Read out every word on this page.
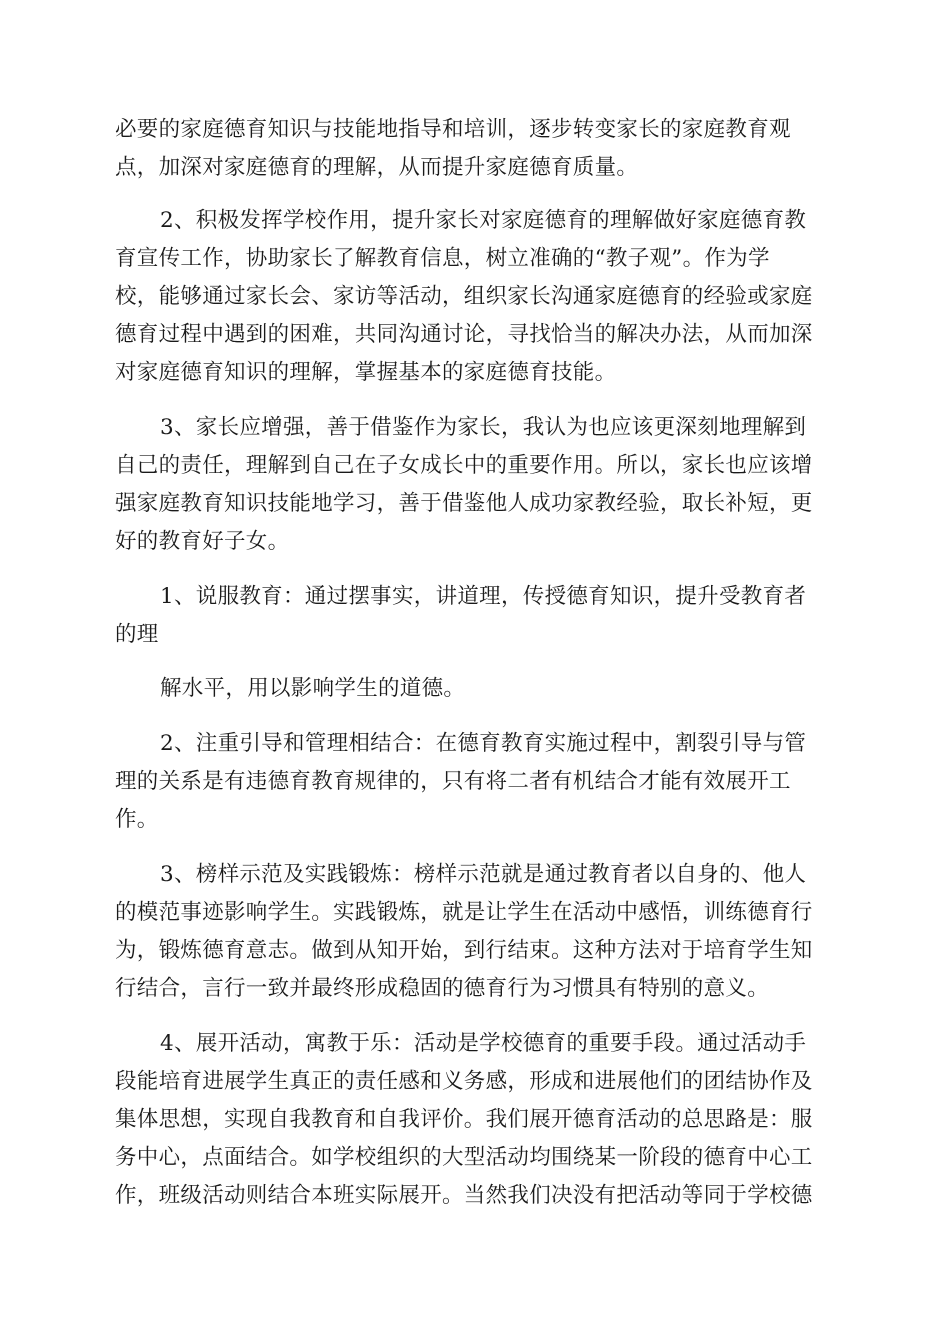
必要的家庭德育知识与技能地指导和培训，逐步转变家长的家庭教育观
点，加深对家庭德育的理解，从而提升家庭德育质量。
2、积极发挥学校作用，提升家长对家庭德育的理解做好家庭德育教
育宣传工作，协助家长了解教育信息，树立准确的“教子观”。作为学
校，能够通过家长会、家访等活动，组织家长沟通家庭德育的经验或家庭
德育过程中遇到的困难，共同沟通讨论，寻找恰当的解决办法，从而加深
对家庭德育知识的理解，掌握基本的家庭德育技能。
3、家长应增强，善于借鉴作为家长，我认为也应该更深刻地理解到
自己的责任，理解到自己在子女成长中的重要作用。所以，家长也应该增
强家庭教育知识技能地学习，善于借鉴他人成功家教经验，取长补短，更
好的教育好子女。
1、说服教育：通过摆事实，讲道理，传授德育知识，提升受教育者
的理
解水平，用以影响学生的道德。
2、注重引导和管理相结合：在德育教育实施过程中，割裂引导与管
理的关系是有违德育教育规律的，只有将二者有机结合才能有效展开工
作。
3、榜样示范及实践锻炼：榜样示范就是通过教育者以自身的、他人
的模范事迹影响学生。实践锻炼，就是让学生在活动中感悟，训练德育行
为，锻炼德育意志。做到从知开始，到行结束。这种方法对于培育学生知
行结合，言行一致并最终形成稳固的德育行为习惯具有特别的意义。
4、展开活动，寓教于乐：活动是学校德育的重要手段。通过活动手
段能培育进展学生真正的责任感和义务感，形成和进展他们的团结协作及
集体思想，实现自我教育和自我评价。我们展开德育活动的总思路是：服
务中心，点面结合。如学校组织的大型活动均围绕某一阶段的德育中心工
作，班级活动则结合本班实际展开。当然我们决没有把活动等同于学校德
